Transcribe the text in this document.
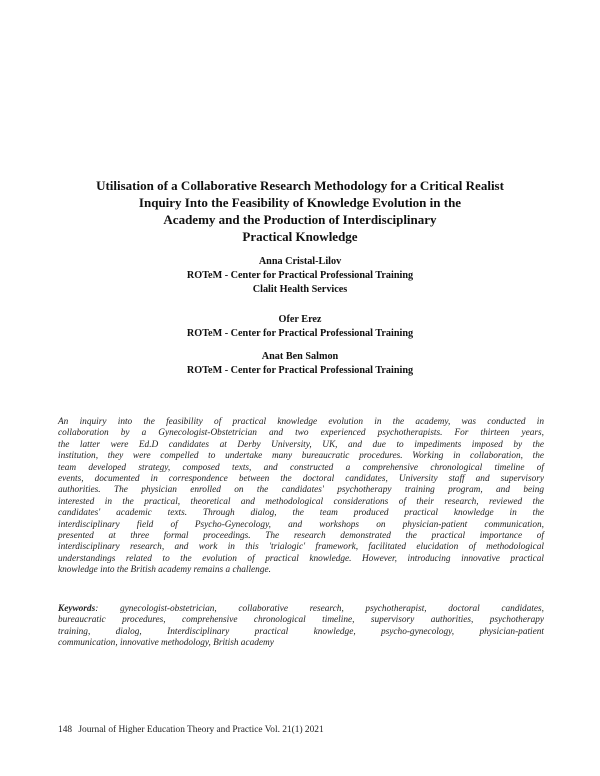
Utilisation of a Collaborative Research Methodology for a Critical Realist
Inquiry Into the Feasibility of Knowledge Evolution in the
Academy and the Production of Interdisciplinary
Practical Knowledge
Anna Cristal-Lilov
ROTeM - Center for Practical Professional Training
Clalit Health Services
Ofer Erez
ROTeM - Center for Practical Professional Training
Anat Ben Salmon
ROTeM - Center for Practical Professional Training
An inquiry into the feasibility of practical knowledge evolution in the academy, was conducted in
collaboration by a Gynecologist-Obstetrician and two experienced psychotherapists. For thirteen years,
the latter were Ed.D candidates at Derby University, UK, and due to impediments imposed by the
institution, they were compelled to undertake many bureaucratic procedures. Working in collaboration, the
team developed strategy, composed texts, and constructed a comprehensive chronological timeline of
events, documented in correspondence between the doctoral candidates, University staff and supervisory
authorities. The physician enrolled on the candidates' psychotherapy training program, and being
interested in the practical, theoretical and methodological considerations of their research, reviewed the
candidates' academic texts. Through dialog, the team produced practical knowledge in the
interdisciplinary field of Psycho-Gynecology, and workshops on physician-patient communication,
presented at three formal proceedings. The research demonstrated the practical importance of
interdisciplinary research, and work in this 'trialogic' framework, facilitated elucidation of methodological
understandings related to the evolution of practical knowledge. However, introducing innovative practical
knowledge into the British academy remains a challenge.
Keywords: gynecologist-obstetrician, collaborative research, psychotherapist, doctoral candidates,
bureaucratic procedures, comprehensive chronological timeline, supervisory authorities, psychotherapy
training, dialog, Interdisciplinary practical knowledge, psycho-gynecology, physician-patient
communication, innovative methodology, British academy
148 Journal of Higher Education Theory and Practice Vol. 21(1) 2021
